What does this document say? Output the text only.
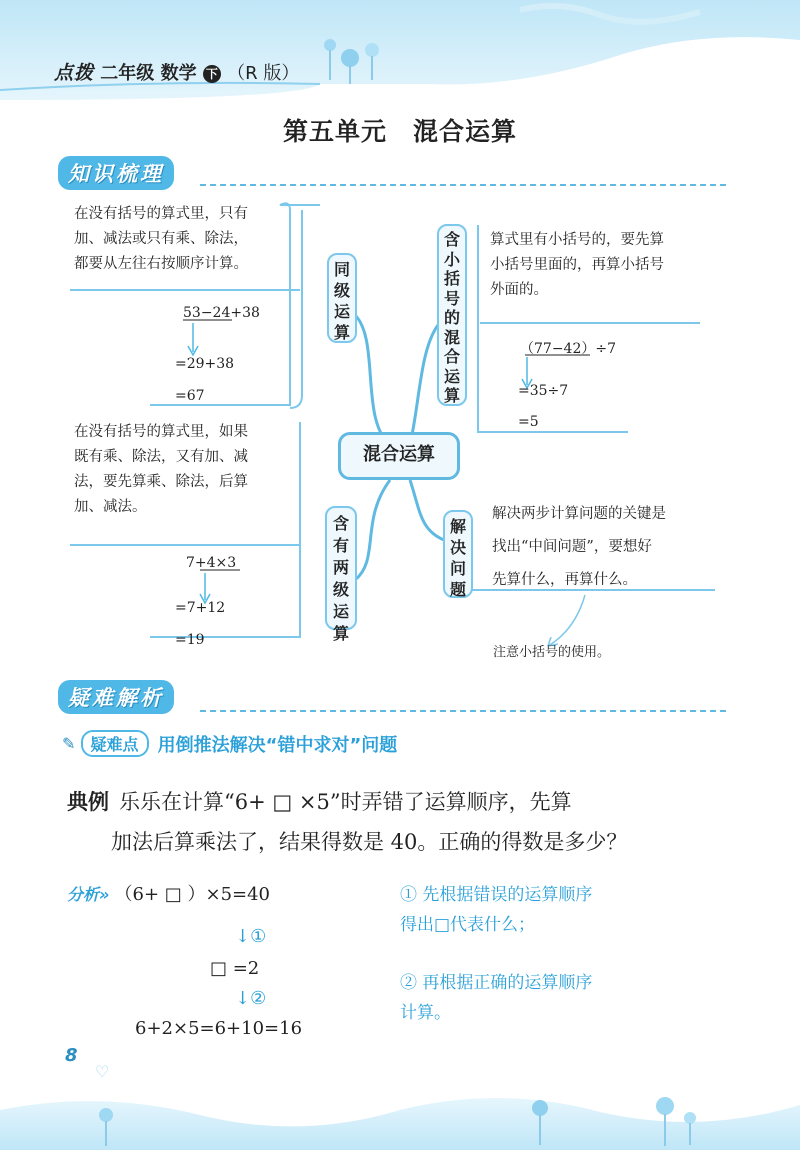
点拨 二年级 数学 下 （R 版）
第五单元　混合运算
知识梳理
混合运算
同级运算
在没有括号的算式里，只有
加、减法或只有乘、除法，
都要从左往右按顺序计算。
53−24+38
=29+38
=67
含有两级运算
在没有括号的算式里，如果
既有乘、除法，又有加、减
法，要先算乘、除法，后算
加、减法。
7+4×3
=7+12
=19
含小括号的混合运算
算式里有小括号的，要先算
小括号里面的，再算小括号
外面的。
（77−42）÷7
=35÷7
=5
解决问题
解决两步计算问题的关键是
找出“中间问题”，要想好
先算什么，再算什么。
注意小括号的使用。
疑难解析
✎ 疑难点 用倒推法解决“错中求对”问题
典例 乐乐在计算“6+ □ ×5”时弄错了运算顺序，先算
加法后算乘法了，结果得数是 40。正确的得数是多少？
分析» （6+ □ ）×5=40
↓①
□ =2
↓②
6+2×5=6+10=16
① 先根据错误的运算顺序
得出□代表什么；
② 再根据正确的运算顺序
计算。
8
♡
